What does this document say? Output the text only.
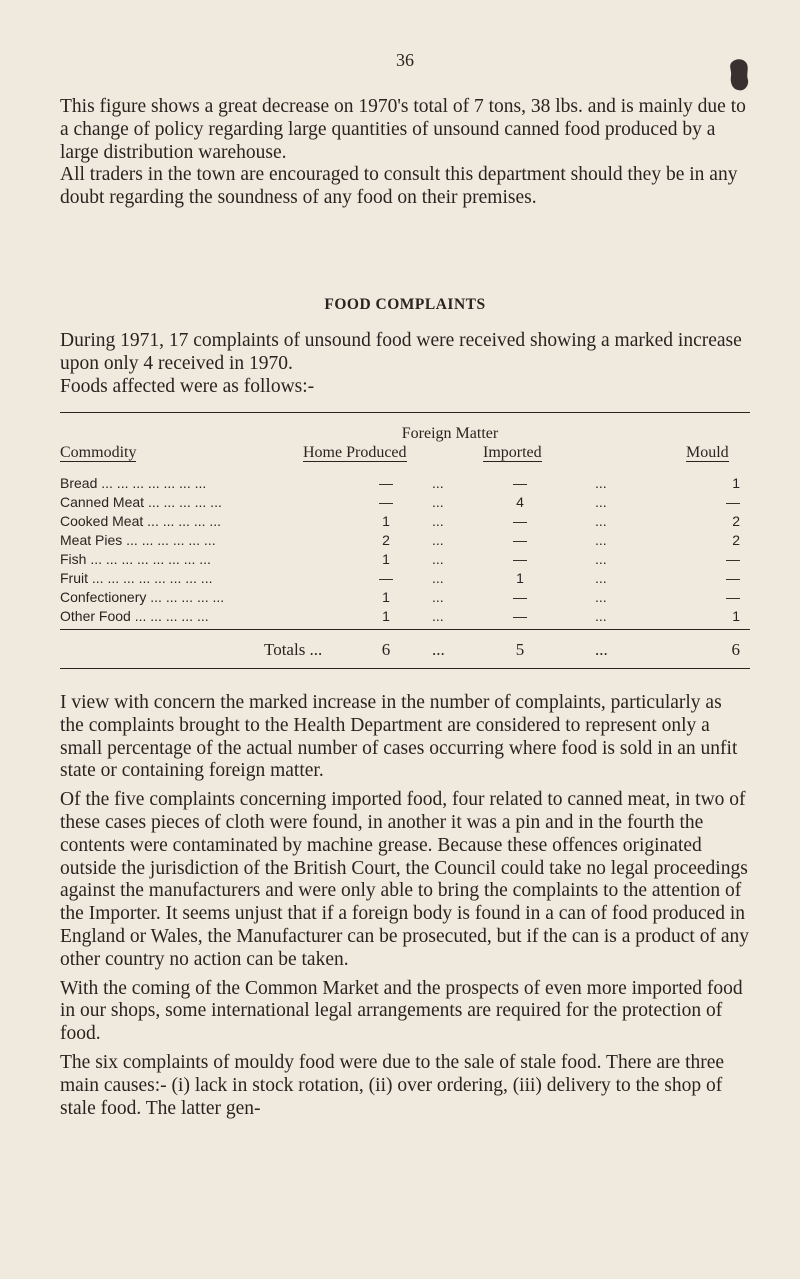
36

This figure shows a great decrease on 1970's total of 7 tons, 38 lbs. and is mainly due to a change of policy regarding large quantities of unsound canned food produced by a large distribution warehouse.

All traders in the town are encouraged to consult this department should they be in any doubt regarding the soundness of any food on their premises.

FOOD COMPLAINTS

During 1971, 17 complaints of unsound food were received showing a marked increase upon only 4 received in 1970.

Foods affected were as follows:-

Foreign Matter
Commodity	Home Produced	Imported	Mould
Bread ... ... ... ... ... ... ...	—	...	—	...	1
Canned Meat ... ... ... ... ...	—	...	4	...	—
Cooked Meat ... ... ... ... ...	1	...	—	...	2
Meat Pies ... ... ... ... ... ...	2	...	—	...	2
Fish ... ... ... ... ... ... ... ...	1	...	—	...	—
Fruit ... ... ... ... ... ... ... ...	—	...	1	...	—
Confectionery ... ... ... ... ...	1	...	—	...	—
Other Food ... ... ... ... ...	1	...	—	...	1
Totals ...	6	...	5	...	6

I view with concern the marked increase in the number of complaints, particularly as the complaints brought to the Health Department are considered to represent only a small percentage of the actual number of cases occurring where food is sold in an unfit state or containing foreign matter.

Of the five complaints concerning imported food, four related to canned meat, in two of these cases pieces of cloth were found, in another it was a pin and in the fourth the contents were contaminated by machine grease. Because these offences originated outside the jurisdiction of the British Court, the Council could take no legal proceedings against the manufacturers and were only able to bring the complaints to the attention of the Importer. It seems unjust that if a foreign body is found in a can of food produced in England or Wales, the Manufacturer can be prosecuted, but if the can is a product of any other country no action can be taken.

With the coming of the Common Market and the prospects of even more imported food in our shops, some international legal arrangements are required for the protection of food.

The six complaints of mouldy food were due to the sale of stale food. There are three main causes:- (i) lack in stock rotation, (ii) over ordering, (iii) delivery to the shop of stale food. The latter gen-
